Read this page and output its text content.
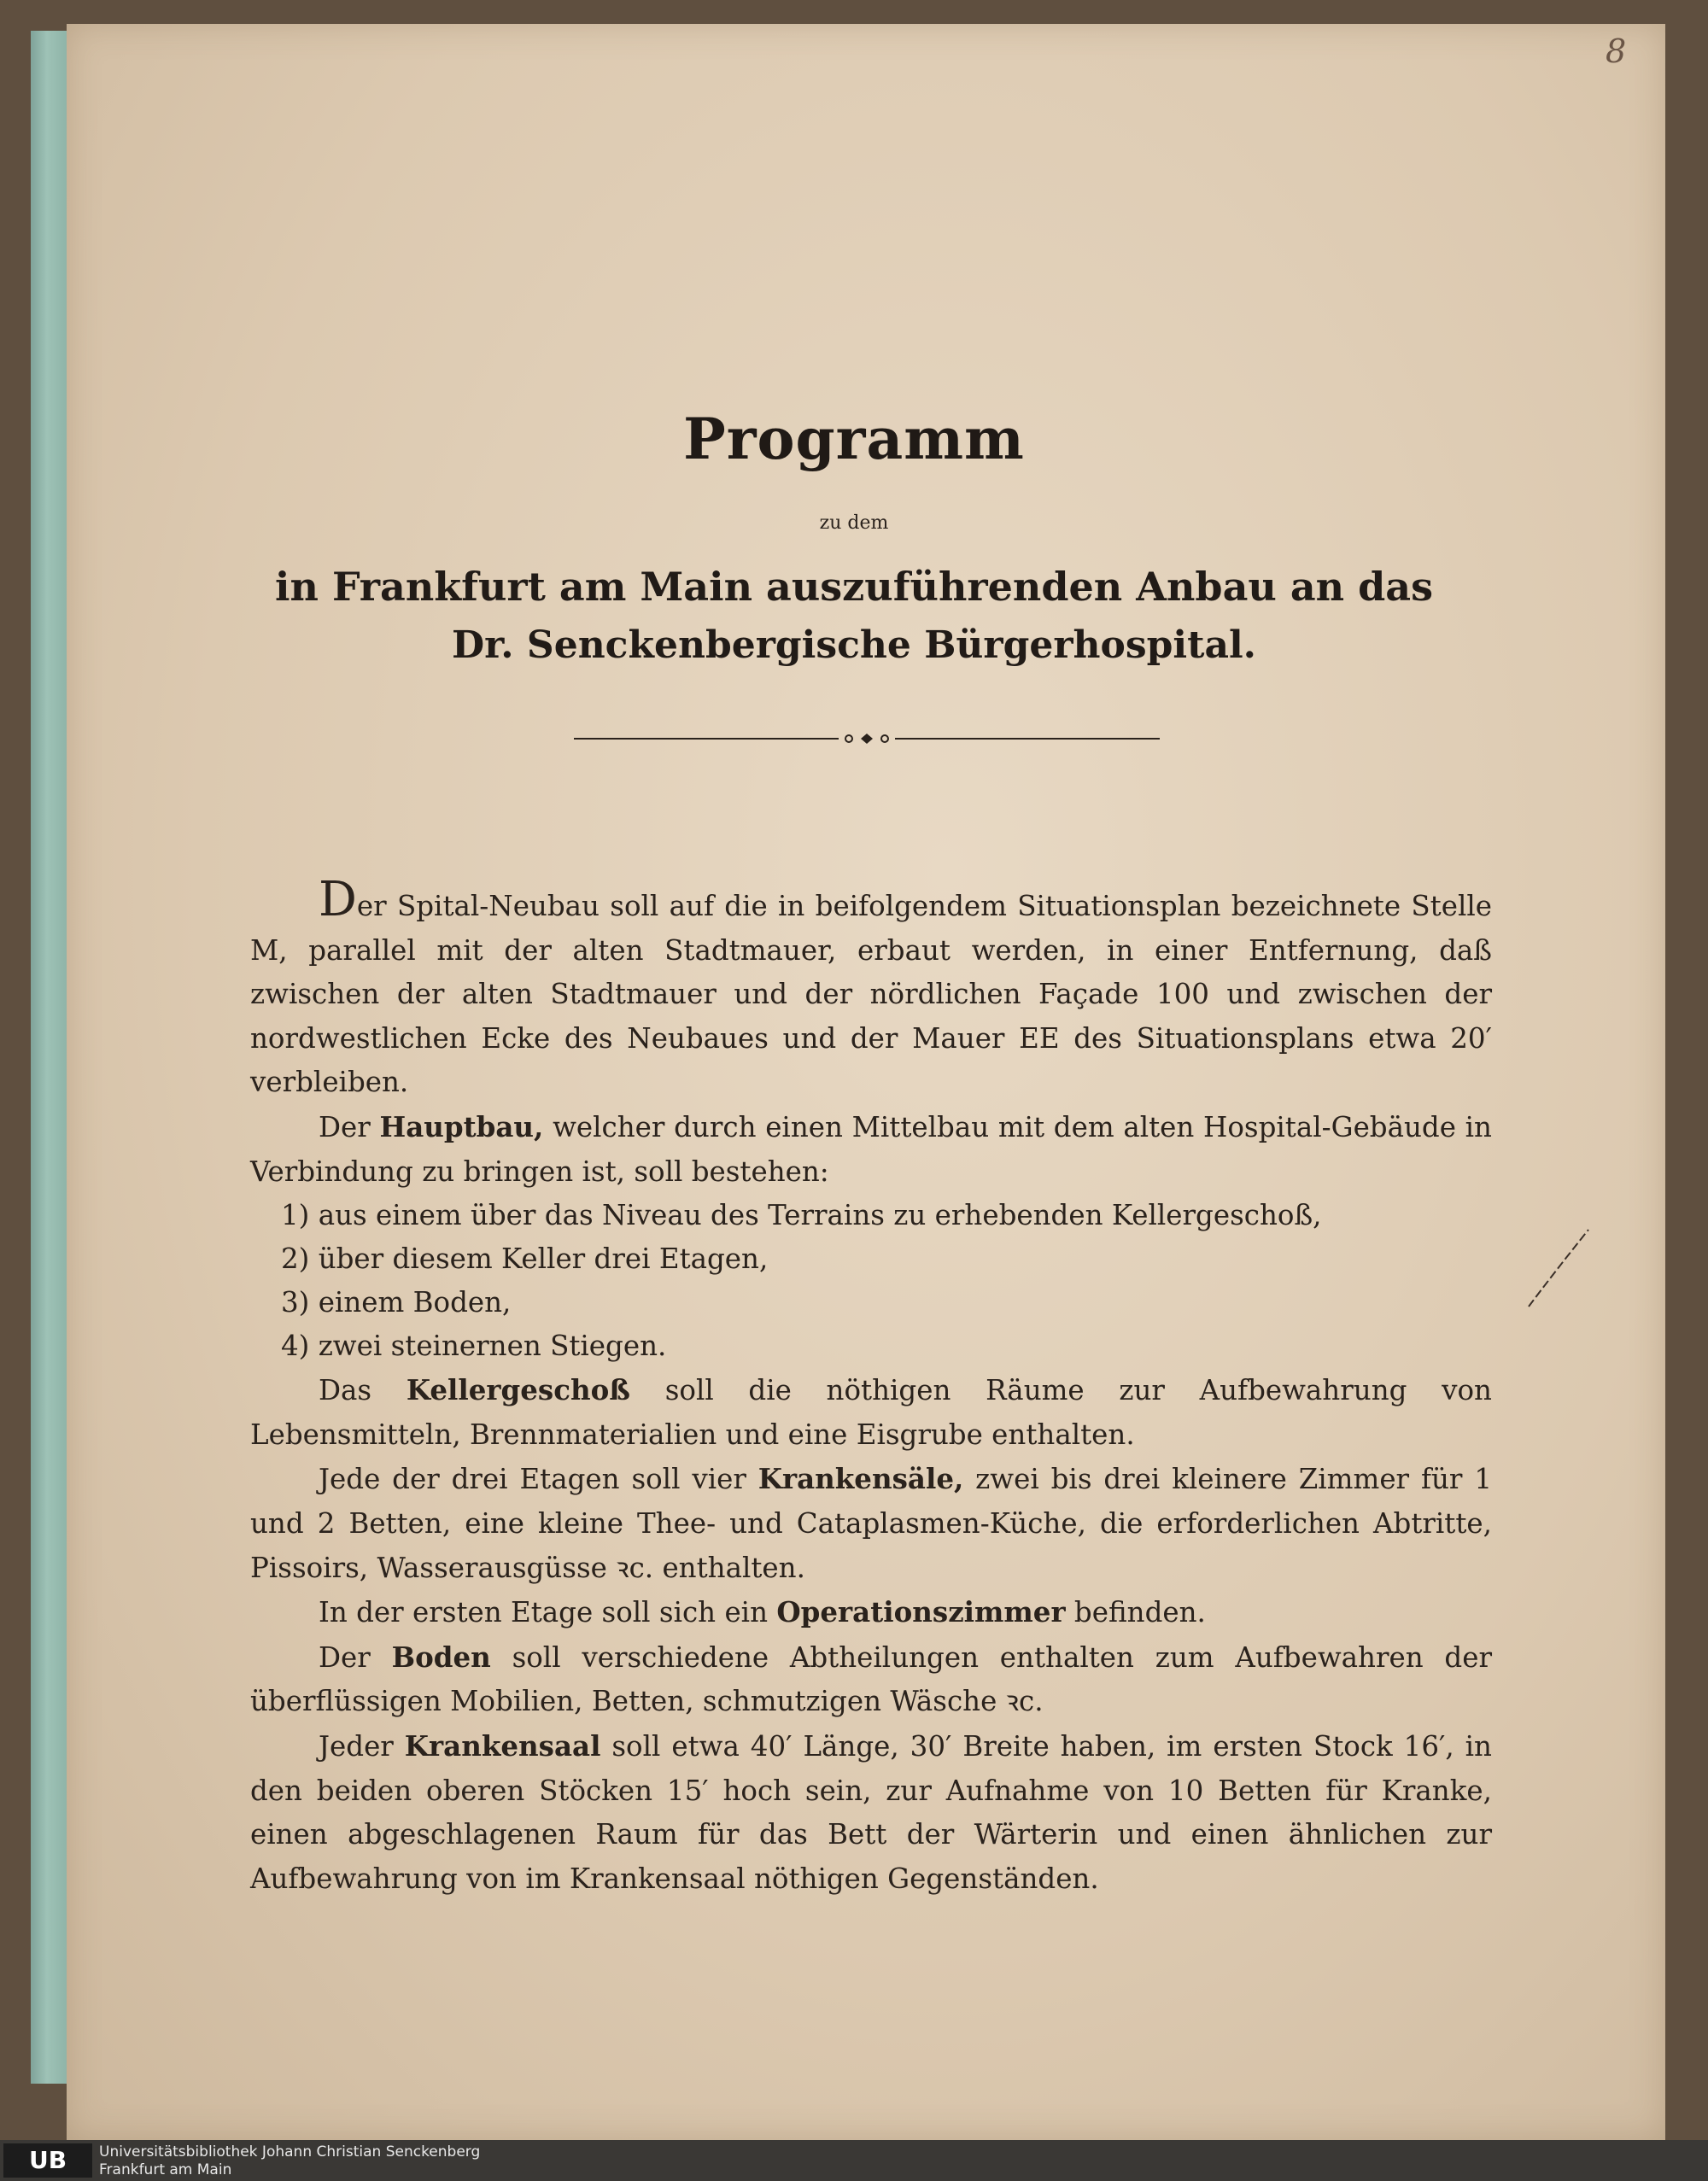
8
Programm
zu dem
in Frankfurt am Main auszuführenden Anbau an das
Dr. Senckenbergische Bürgerhospital.

Der Spital-Neubau soll auf die in beifolgendem Situationsplan bezeichnete Stelle M, parallel mit der alten Stadtmauer, erbaut werden, in einer Entfernung, daß zwischen der alten Stadtmauer und der nördlichen Façade 100 und zwischen der nordwestlichen Ecke des Neubaues und der Mauer EE des Situationsplans etwa 20′ verbleiben.

Der Hauptbau, welcher durch einen Mittelbau mit dem alten Hospital-Gebäude in Verbindung zu bringen ist, soll bestehen:

1) aus einem über das Niveau des Terrains zu erhebenden Kellergeschoß,
2) über diesem Keller drei Etagen,
3) einem Boden,
4) zwei steinernen Stiegen.

Das Kellergeschoß soll die nöthigen Räume zur Aufbewahrung von Lebensmitteln, Brennmaterialien und eine Eisgrube enthalten.

Jede der drei Etagen soll vier Krankensäle, zwei bis drei kleinere Zimmer für 1 und 2 Betten, eine kleine Thee- und Cataplasmen-Küche, die erforderlichen Abtritte, Pissoirs, Wasserausgüsse ꝛc. enthalten.

In der ersten Etage soll sich ein Operationszimmer befinden.

Der Boden soll verschiedene Abtheilungen enthalten zum Aufbewahren der überflüssigen Mobilien, Betten, schmutzigen Wäsche ꝛc.

Jeder Krankensaal soll etwa 40′ Länge, 30′ Breite haben, im ersten Stock 16′, in den beiden oberen Stöcken 15′ hoch sein, zur Aufnahme von 10 Betten für Kranke, einen abgeschlagenen Raum für das Bett der Wärterin und einen ähnlichen zur Aufbewahrung von im Krankensaal nöthigen Gegenständen.

UB	Universitätsbibliothek Johann Christian Senckenberg
Frankfurt am Main
